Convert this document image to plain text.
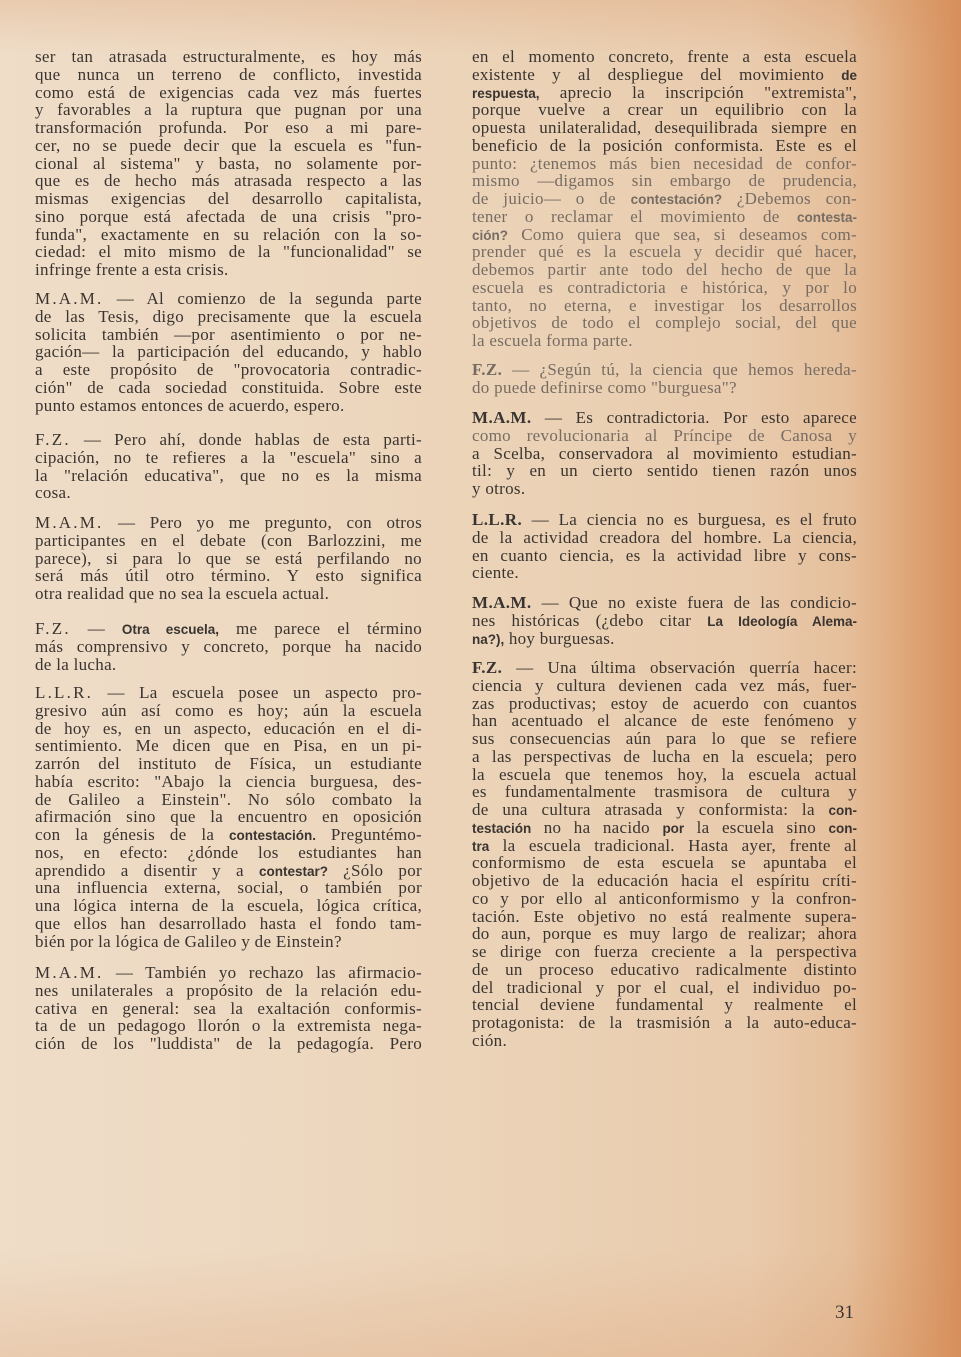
ser tan atrasada estructuralmente, es hoy más
que nunca un terreno de conflicto, investida
como está de exigencias cada vez más fuertes
y favorables a la ruptura que pugnan por una
transformación profunda. Por eso a mi pare-
cer, no se puede decir que la escuela es "fun-
cional al sistema" y basta, no solamente por-
que es de hecho más atrasada respecto a las
mismas exigencias del desarrollo capitalista,
sino porque está afectada de una crisis "pro-
funda", exactamente en su relación con la so-
ciedad: el mito mismo de la "funcionalidad" se
infringe frente a esta crisis.
M.A.M. — Al comienzo de la segunda parte
de las Tesis, digo precisamente que la escuela
solicita también —por asentimiento o por ne-
gación— la participación del educando, y hablo
a este propósito de "provocatoria contradic-
ción" de cada sociedad constituida. Sobre este
punto estamos entonces de acuerdo, espero.
F.Z. — Pero ahí, donde hablas de esta parti-
cipación, no te refieres a la "escuela" sino a
la "relación educativa", que no es la misma
cosa.
M.A.M. — Pero yo me pregunto, con otros
participantes en el debate (con Barlozzini, me
parece), si para lo que se está perfilando no
será más útil otro término. Y esto significa
otra realidad que no sea la escuela actual.
F.Z. — Otra escuela, me parece el término
más comprensivo y concreto, porque ha nacido
de la lucha.
L.L.R. — La escuela posee un aspecto pro-
gresivo aún así como es hoy; aún la escuela
de hoy es, en un aspecto, educación en el di-
sentimiento. Me dicen que en Pisa, en un pi-
zarrón del instituto de Física, un estudiante
había escrito: "Abajo la ciencia burguesa, des-
de Galileo a Einstein". No sólo combato la
afirmación sino que la encuentro en oposición
con la génesis de la contestación. Preguntémo-
nos, en efecto: ¿dónde los estudiantes han
aprendido a disentir y a contestar? ¿Sólo por
una influencia externa, social, o también por
una lógica interna de la escuela, lógica crítica,
que ellos han desarrollado hasta el fondo tam-
bién por la lógica de Galileo y de Einstein?
M.A.M. — También yo rechazo las afirmacio-
nes unilaterales a propósito de la relación edu-
cativa en general: sea la exaltación conformis-
ta de un pedagogo llorón o la extremista nega-
ción de los "luddista" de la pedagogía. Pero
en el momento concreto, frente a esta escuela
existente y al despliegue del movimiento de
respuesta, aprecio la inscripción "extremista",
porque vuelve a crear un equilibrio con la
opuesta unilateralidad, desequilibrada siempre en
beneficio de la posición conformista. Este es el
punto: ¿tenemos más bien necesidad de confor-
mismo —digamos sin embargo de prudencia,
de juicio— o de contestación? ¿Debemos con-
tener o reclamar el movimiento de contesta-
ción? Como quiera que sea, si deseamos com-
prender qué es la escuela y decidir qué hacer,
debemos partir ante todo del hecho de que la
escuela es contradictoria e histórica, y por lo
tanto, no eterna, e investigar los desarrollos
objetivos de todo el complejo social, del que
la escuela forma parte.
F.Z. — ¿Según tú, la ciencia que hemos hereda-
do puede definirse como "burguesa"?
M.A.M. — Es contradictoria. Por esto aparece
como revolucionaria al Príncipe de Canosa y
a Scelba, conservadora al movimiento estudian-
til: y en un cierto sentido tienen razón unos
y otros.
L.L.R. — La ciencia no es burguesa, es el fruto
de la actividad creadora del hombre. La ciencia,
en cuanto ciencia, es la actividad libre y cons-
ciente.
M.A.M. — Que no existe fuera de las condicio-
nes históricas (¿debo citar La Ideología Alema-
na?), hoy burguesas.
F.Z. — Una última observación querría hacer:
ciencia y cultura devienen cada vez más, fuer-
zas productivas; estoy de acuerdo con cuantos
han acentuado el alcance de este fenómeno y
sus consecuencias aún para lo que se refiere
a las perspectivas de lucha en la escuela; pero
la escuela que tenemos hoy, la escuela actual
es fundamentalmente trasmisora de cultura y
de una cultura atrasada y conformista: la con-
testación no ha nacido por la escuela sino con-
tra la escuela tradicional. Hasta ayer, frente al
conformismo de esta escuela se apuntaba el
objetivo de la educación hacia el espíritu críti-
co y por ello al anticonformismo y la confron-
tación. Este objetivo no está realmente supera-
do aun, porque es muy largo de realizar; ahora
se dirige con fuerza creciente a la perspectiva
de un proceso educativo radicalmente distinto
del tradicional y por el cual, el individuo po-
tencial deviene fundamental y realmente el
protagonista: de la trasmisión a la auto-educa-
ción.
31
